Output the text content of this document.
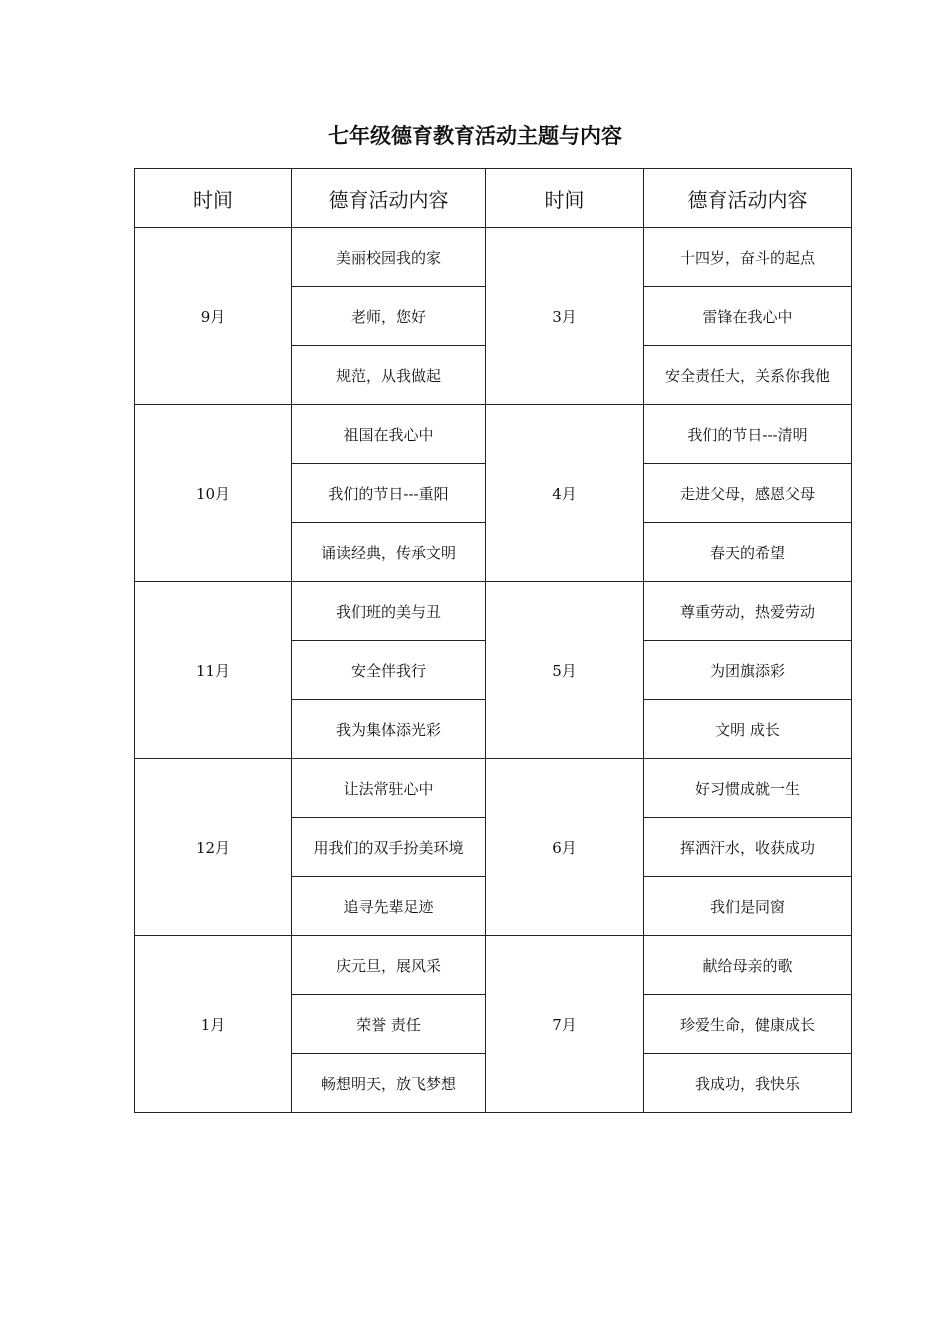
七年级德育教育活动主题与内容
时间	德育活动内容	时间	德育活动内容
9月	美丽校园我的家	3月	十四岁，奋斗的起点
	老师，您好		雷锋在我心中
	规范，从我做起		安全责任大，关系你我他
10月	祖国在我心中	4月	我们的节日---清明
	我们的节日---重阳		走进父母，感恩父母
	诵读经典，传承文明		春天的希望
11月	我们班的美与丑	5月	尊重劳动，热爱劳动
	安全伴我行		为团旗添彩
	我为集体添光彩		文明 成长
12月	让法常驻心中	6月	好习惯成就一生
	用我们的双手扮美环境		挥洒汗水，收获成功
	追寻先辈足迹		我们是同窗
1月	庆元旦，展风采	7月	献给母亲的歌
	荣誉 责任		珍爱生命，健康成长
	畅想明天，放飞梦想		我成功，我快乐
